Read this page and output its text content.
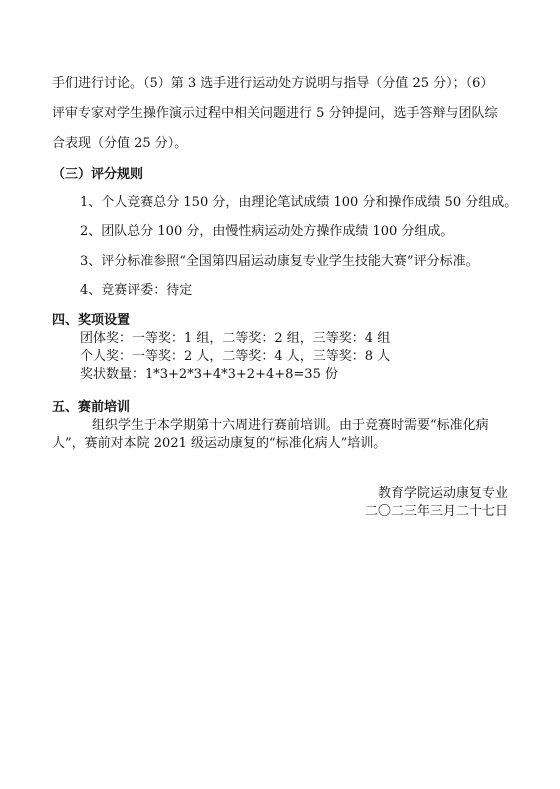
手们进行讨论。（5）第 3 选手进行运动处方说明与指导（分值 25 分）；（6）

评审专家对学生操作演示过程中相关问题进行 5 分钟提问，选手答辩与团队综

合表现（分值 25 分）。

（三）评分规则

1、个人竞赛总分 150 分，由理论笔试成绩 100 分和操作成绩 50 分组成。

2、团队总分 100 分，由慢性病运动处方操作成绩 100 分组成。

3、评分标准参照“全国第四届运动康复专业学生技能大赛”评分标准。

4、竞赛评委：待定

四、奖项设置

团体奖：一等奖：1 组，二等奖：2 组，三等奖：4 组

个人奖：一等奖：2 人，二等奖：4 人，三等奖：8 人

奖状数量：1*3+2*3+4*3+2+4+8=35 份

五、赛前培训

组织学生于本学期第十六周进行赛前培训。由于竞赛时需要“标准化病

人”，赛前对本院 2021 级运动康复的“标准化病人”培训。

教育学院运动康复专业

二〇二三年三月二十七日
